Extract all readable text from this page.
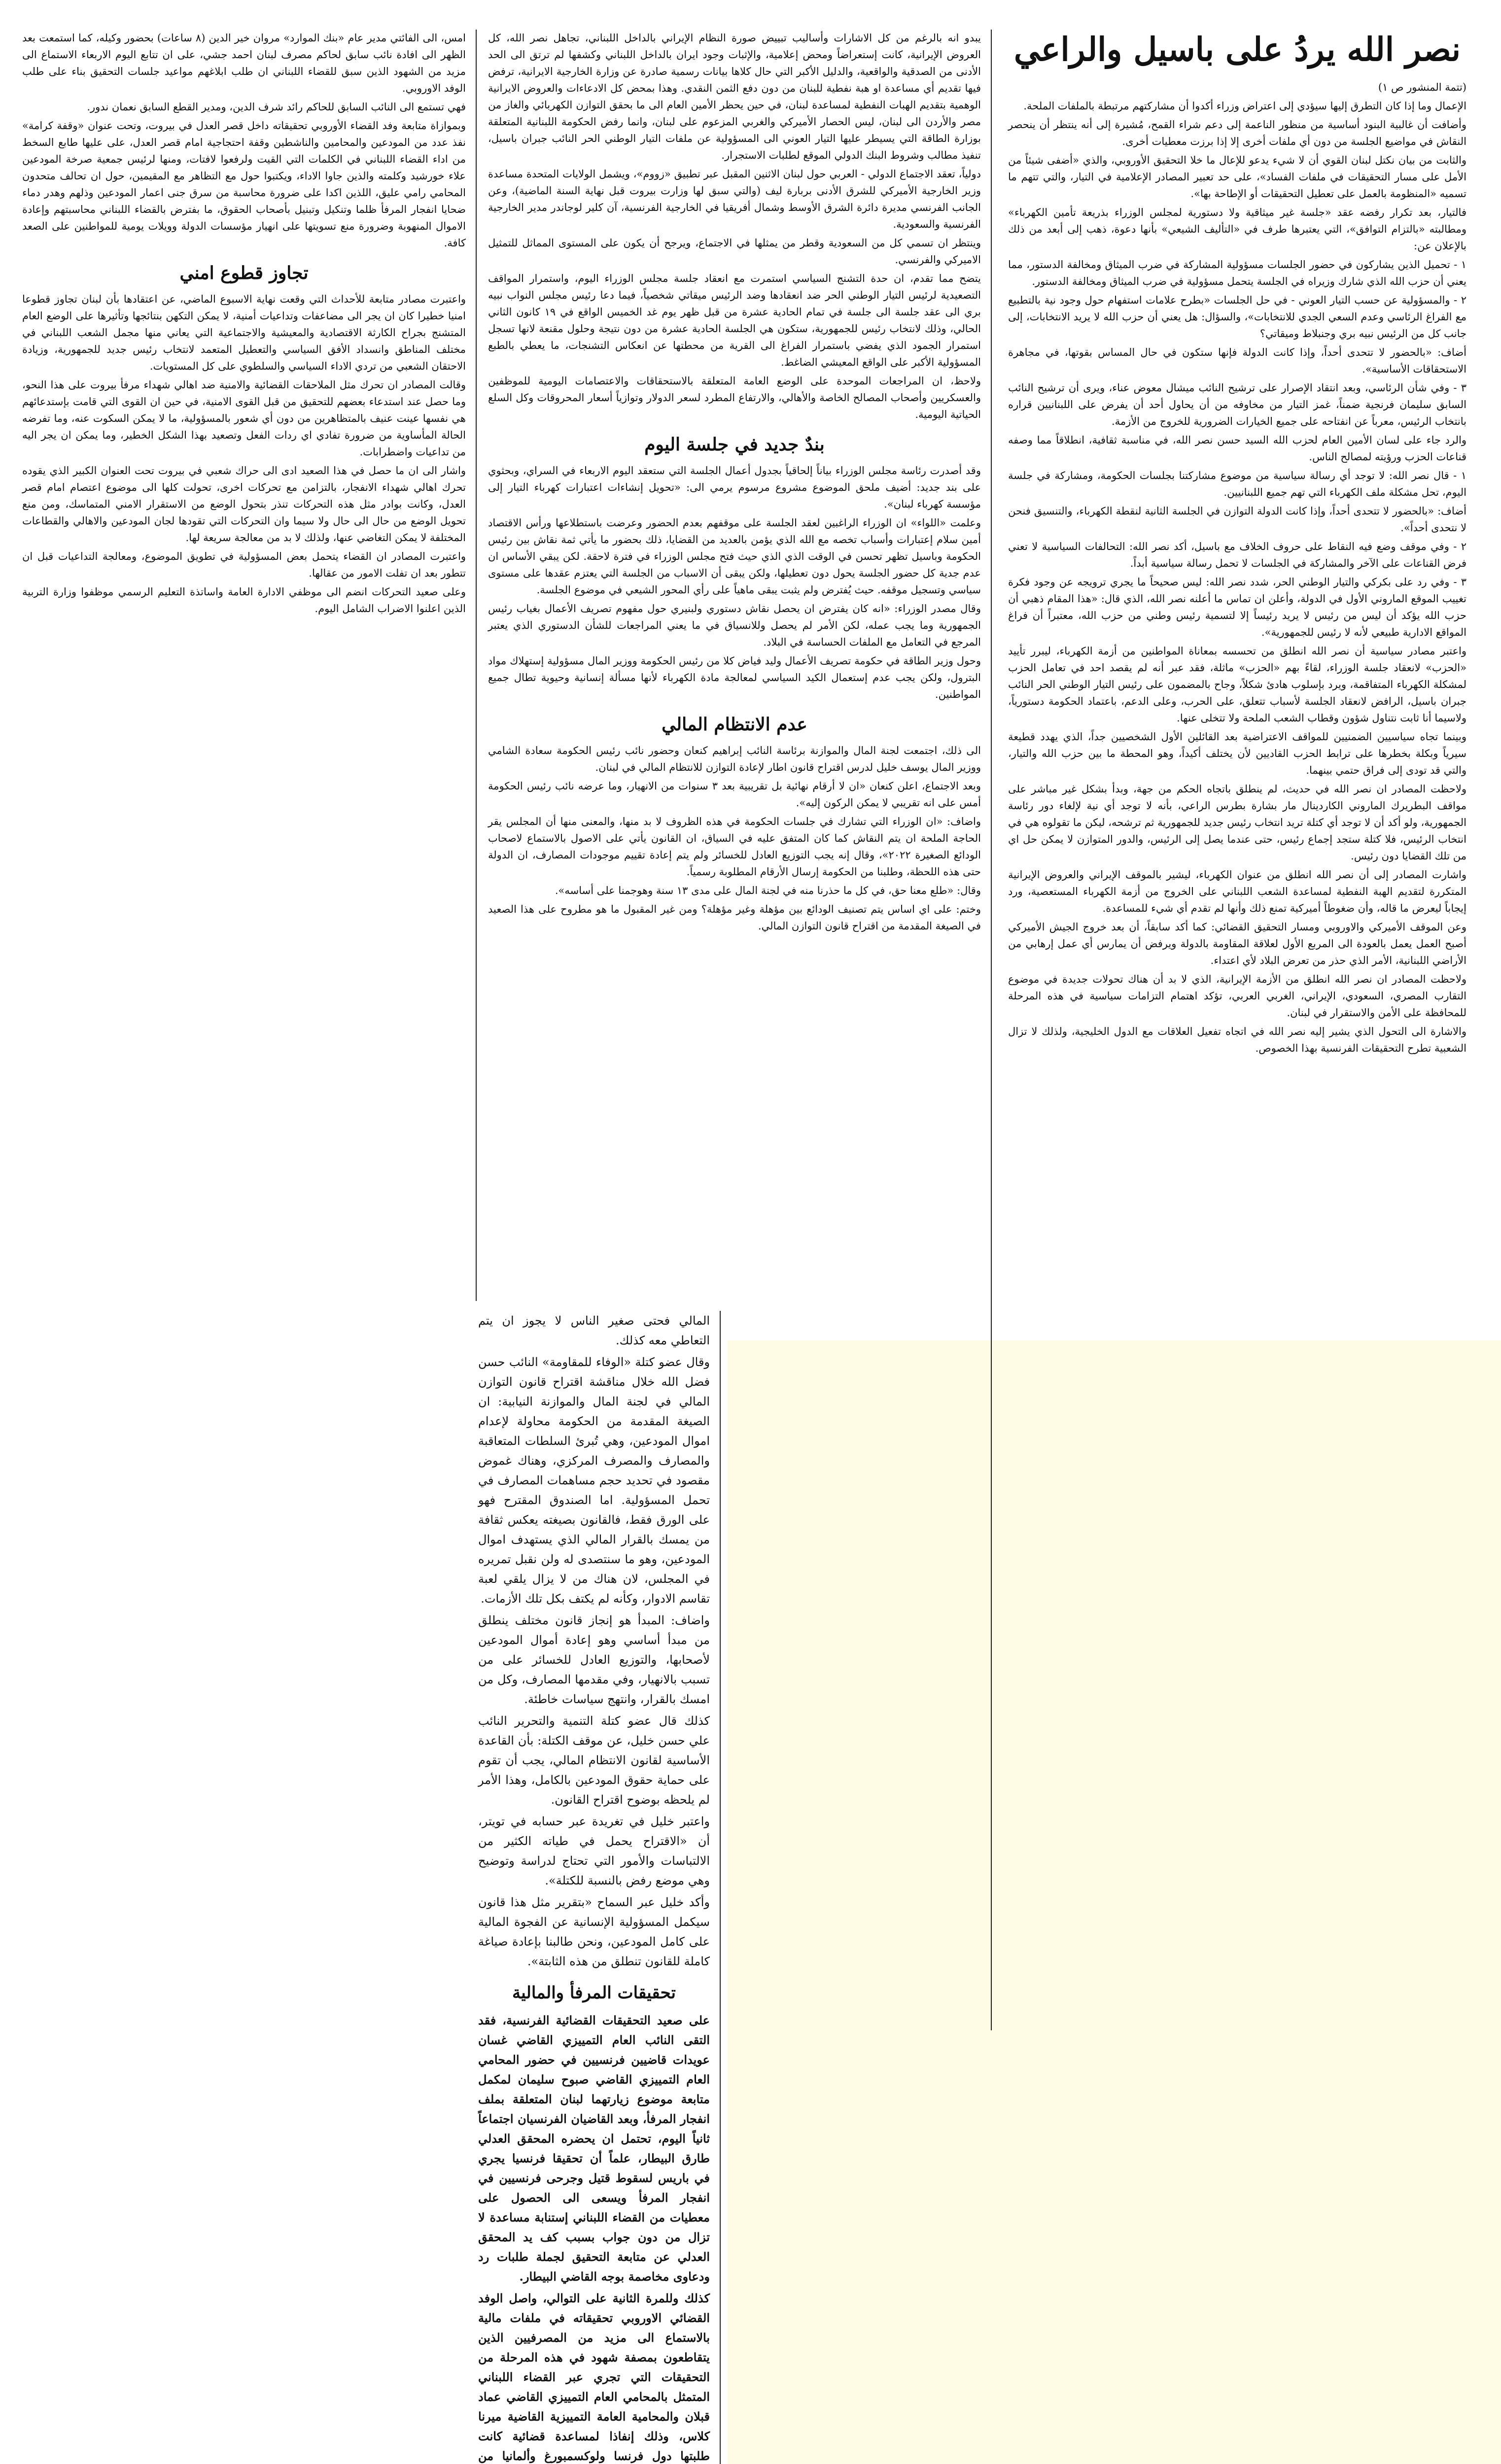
نصر الله يردُ على باسيل والراعي

(تتمة المنشور ص ١)

الإعمال وما إذا كان التطرق إليها سيؤدي إلى اعتراض وزراء أكدوا أن مشاركتهم مرتبطة بالملفات الملحة.

وأضافت أن غالبية البنود أساسية من منظور الناعمة إلى دعم شراء القمح، مُشيرة إلى أنه ينتظر أن ينحصر النقاش في مواضيع الجلسة من دون أي ملفات أخرى إلا إذا برزت معطيات أخرى.

والثابت من بيان نكتل لبنان القوي أن لا شيء يدعو للإعال ما خلا التحقيق الأوروبي، والذي «أضفى شيئاً من الأمل على مسار التحقيقات في ملفات الفساد»، على حد تعبير المصادر الإعلامية في التيار، والتي تتهم ما تسميه «المنظومة بالعمل على تعطيل التحقيقات أو الإطاحة بها».

فالتيار، بعد تكرار رفضه عقد «جلسة غير ميثاقية ولا دستورية لمجلس الوزراء بذريعة تأمين الكهرباء» ومطالبته «بالتزام التوافق»، التي يعتبرها طرف في «التأليف الشيعي» بأنها دعوة، ذهب إلى أبعد من ذلك بالإعلان عن:

١ - تحميل الذين يشاركون في حضور الجلسات مسؤولية المشاركة في ضرب الميثاق ومخالفة الدستور، مما يعني أن حزب الله الذي شارك وزيراه في الجلسة يتحمل مسؤولية في ضرب الميثاق ومخالفة الدستور.

٢ - والمسؤولية عن حسب التيار العوني - في حل الجلسات «بطرح علامات استفهام حول وجود نية بالتطبيع مع الفراغ الرئاسي وعدم السعي الجدي للانتخابات»، والسؤال: هل يعني أن حزب الله لا يريد الانتخابات، إلى جانب كل من الرئيس نبيه بري وجنبلاط وميقاتي؟

أضاف: «بالحضور لا تتحدى أحداً، وإذا كانت الدولة فإنها ستكون في حال المساس بقوتها، في مجاهرة الاستحقاقات الأساسية».

٣ - وفي شأن الرئاسي، وبعد انتقاد الإصرار على ترشيح النائب ميشال معوض عناء، ويرى أن ترشيح النائب السابق سليمان فرنجية ضمناً، غمز التيار من مخاوفه من أن يحاول أحد أن يفرض على اللبنانيين قراره بانتخاب الرئيس، معرباً عن انفتاحه على جميع الخيارات الضرورية للخروج من الأزمة.

والرد جاء على لسان الأمين العام لحزب الله السيد حسن نصر الله، في مناسبة ثقافية، انطلاقاً مما وصفه قناعات الحزب ورؤيته لمصالح الناس.

١ - قال نصر الله: لا توجد أي رسالة سياسية من موضوع مشاركتنا بجلسات الحكومة، ومشاركة في جلسة اليوم، تحل مشكلة ملف الكهرباء التي تهم جميع اللبنانيين.

أضاف: «بالحضور لا تتحدى أحداً، وإذا كانت الدولة التوازن في الجلسة الثانية لنقطة الكهرباء، والتنسيق فنحن لا نتحدى أحداً».

٢ - وفي موقف وضع فيه النقاط على حروف الخلاف مع باسيل، أكد نصر الله: التحالفات السياسية لا تعني فرض القناعات على الآخر والمشاركة في الجلسات لا تحمل رسالة سياسية أبداً.

٣ - وفي رد على بكركي والتيار الوطني الحر، شدد نصر الله: ليس صحيحاً ما يجري ترويجه عن وجود فكرة تغييب الموقع الماروني الأول في الدولة، وأعلن ان تماس ما أعلنه نصر الله، الذي قال: «هذا المقام ذهبي أن حزب الله يؤكد أن ليس من رئيس لا يريد رئيساً إلا لتسمية رئيس وطني من حزب الله، معتبراً أن فراغ المواقع الادارية طبيعي لأنه لا رئيس للجمهورية».

واعتبر مصادر سياسية أن نصر الله انطلق من تحسسه بمعاناة المواطنين من أزمة الكهرباء، ليبرر تأييد «الحزب» لانعقاد جلسة الوزراء، لقاءً بهم «الحزب» ماثلة، فقد عبر أنه لم يقصد احد في تعامل الحزب لمشكلة الكهرباء المتفاقمة، ويرد بإسلوب هادئ شكلاً، وجاح بالمضمون على رئيس التيار الوطني الحر النائب جبران باسيل، الرافض لانعقاد الجلسة لأسباب تتعلق، على الحرب، وعلى الدعم، باعتماد الحكومة دستورياً، ولاسيما أنا ثابت نتناول شؤون وقطاب الشعب الملحة ولا تتخلى عنها.

وبينما تجاه سياسيين الضمنيين للمواقف الاعتراضية بعد القائلين الأول الشخصيين جداً، الذي يهدد قطيعة سيرياً وبكلة بخطرها على ترابط الحزب القاديين لأن يختلف أكيداً، وهو المحطة ما بين حزب الله والتيار، والتي قد تودى إلى فراق حتمي بينهما.

ولاحظت المصادر ان نصر الله في حديث، لم ينطلق باتجاه الحكم من جهة، وبدأ بشكل غير مباشر على مواقف البطريرك الماروني الكاردينال مار بشارة بطرس الراعي، بأنه لا توجد أي نية لإلغاء دور رئاسة الجمهورية، ولو أكد أن لا توجد أي كتلة تريد انتخاب رئيس جديد للجمهورية ثم ترشحه، ليكن ما تقولوه هي في انتخاب الرئيس، فلا كتلة ستجد إجماع رئيس، حتى عندما يصل إلى الرئيس، والدور المتوازن لا يمكن حل اي من تلك القضايا دون رئيس.

واشارت المصادر إلى أن نصر الله انطلق من عنوان الكهرباء، ليشير بالموقف الإيراني والعروض الإيرانية المتكررة لتقديم الهبة النفطية لمساعدة الشعب اللبناني على الخروج من أزمة الكهرباء المستعصية، ورد إيجاباً ليعرض ما قاله، وأن ضغوطاً أميركية تمنع ذلك وأنها لم تقدم أي شيء للمساعدة.

وعن الموقف الأميركي والاوروبي ومسار التحقيق القضائي: كما أكد سابقاً، أن بعد خروج الجيش الأميركي أصبح العمل يعمل بالعودة الى المربع الأول لعلاقة المقاومة بالدولة ويرفض أن يمارس أي عمل إرهابي من الأراضي اللبنانية، الأمر الذي حذر من تعرض البلاد لأي اعتداء.

ولاحظت المصادر ان نصر الله انطلق من الأزمة الإيرانية، الذي لا بد أن هناك تحولات جديدة في موضوع التقارب المصري، السعودي، الإيراني، الغربي العربي، تؤكد اهتمام التزامات سياسية في هذه المرحلة للمحافظة على الأمن والاستقرار في لبنان.

والاشارة الى التحول الذي يشير إليه نصر الله في اتجاه تفعيل العلاقات مع الدول الخليجية، ولذلك لا تزال الشعبية تطرح التحقيقات الفرنسية بهذا الخصوص.

يبدو انه بالرغم من كل الاشارات وأساليب تبييض صورة النظام الإيراني بالداخل اللبناني، تجاهل نصر الله، كل العروض الإيرانية، كانت إستعراضاً ومحض إعلامية، والإثبات وجود ايران بالداخل اللبناني وكشفها لم ترتق الى الحد الأدنى من الصدقية والواقعية، والدليل الأكبر التي حال كلاها بيانات رسمية صادرة عن وزارة الخارجية الايرانية، ترفض فيها تقديم أي مساعدة او هبة نفطية للبنان من دون دفع الثمن النقدي. وهذا بمحض كل الادعاءات والعروض الايرانية الوهمية بتقديم الهبات النفطية لمساعدة لبنان، في حين يحظر الأمين العام الى ما بحقق التوازن الكهربائي والغاز من مصر والأردن الى لبنان، ليس الحصار الأميركي والغربي المزعوم على لبنان، وانما رفض الحكومة اللبنانية المتعلقة بوزارة الطاقة التي يسيطر عليها التيار العوني الى المسؤولية عن ملفات التيار الوطني الحر النائب جبران باسيل، تنفيذ مطالب وشروط البنك الدولي الموقع لطلبات الاستجرار.

دولياً، تعقد الاجتماع الدولي - العربي حول لبنان الاثنين المقبل عبر تطبيق «زووم»، ويشمل الولايات المتحدة مساعدة وزير الخارجية الأميركي للشرق الأدنى بربارة ليف (والتي سبق لها وزارت بيروت قبل نهاية السنة الماضية)، وعن الجانب الفرنسي مديرة دائرة الشرق الأوسط وشمال أفريقيا في الخارجية الفرنسية، آن كلير لوجاندر مدير الخارجية الفرنسية والسعودية.

وينتظر ان تسمي كل من السعودية وقطر من يمثلها في الاجتماع، ويرجح أن يكون على المستوى المماثل للتمثيل الاميركي والفرنسي.

يتضح مما تقدم، ان حدة التشنج السياسي استمرت مع انعقاد جلسة مجلس الوزراء اليوم، واستمرار المواقف التصعيدية لرئيس التيار الوطني الحر ضد انعقادها وضد الرئيس ميقاتي شخصياً، فيما دعا رئيس مجلس النواب نبيه بري الى عقد جلسة الى جلسة في تمام الحادية عشرة من قبل ظهر يوم غد الخميس الواقع في ١٩ كانون الثاني الحالي، وذلك لانتخاب رئيس للجمهورية، ستكون هي الجلسة الحادية عشرة من دون نتيجة وحلول مقنعة لانها تسجل استمرار الجمود الذي يفضي باستمرار الفراغ الى القرية من محطتها عن انعكاس التشنجات، ما يعطي بالطبع المسؤولية الأكبر على الواقع المعيشي الضاغط.

ولاحظ، ان المراجعات الموحدة على الوضع العامة المتعلقة بالاستحقاقات والاعتصامات اليومية للموظفين والعسكريين وأصحاب المصالح الخاصة والأهالي، والارتفاع المطرد لسعر الدولار وتوازياً أسعار المحروقات وكل السلع الحياتية اليومية.

بندٌ جديد في جلسة اليوم

وقد أصدرت رئاسة مجلس الوزراء بياناً إلحاقياً بجدول أعمال الجلسة التي ستعقد اليوم الاربعاء في السراي، وبحثوي على بند جديد: أضيف ملحق الموضوع مشروع مرسوم يرمي الى: «تحويل إنشاءات اعتبارات كهرباء التيار إلى مؤسسة كهرباء لبنان».

وعلمت «اللواء» ان الوزراء الراغبين لعقد الجلسة على موقفهم بعدم الحضور وعرضت باستطلاعها ورأس الاقتصاد أمين سلام إعتبارات وأسباب تخصه مع الله الذي يؤمن بالعديد من القضايا، ذلك بحضور ما يأتي ثمة نقاش بين رئيس الحكومة وباسيل تظهر تحسن في الوقت الذي الذي حيث فتح مجلس الوزراء في فترة لاحقة. لكن يبقي الأساس ان عدم جدية كل حضور الجلسة يحول دون تعطيلها، ولكن يبقى أن الاسباب من الجلسة التي يعتزم عقدها على مستوى سياسي وتسجيل موقفه. حيث يُفترض ولم يثبت يبقى ماهياً على رأي المحور الشيعي في موضوع الجلسة.

وقال مصدر الوزراء: «انه كان يفترض ان يحصل نقاش دستوري ولبنيري حول مفهوم تصريف الأعمال بغياب رئيس الجمهورية وما يجب عمله، لكن الأمر لم يحصل وللانسياق في ما يعني المراجعات للشأن الدستوري الذي يعتبر المرجع في التعامل مع الملفات الحساسة في البلاد.

وحول وزير الطاقة في حكومة تصريف الأعمال وليد فياض كلا من رئيس الحكومة ووزير المال مسؤولية إستهلاك مواد البترول، ولكن يجب عدم إستعمال الكيد السياسي لمعالجة مادة الكهرباء لأنها مسألة إنسانية وحيوية تطال جميع المواطنين.

عدم الانتظام المالي

الى ذلك، اجتمعت لجنة المال والموازنة برئاسة النائب إبراهيم كنعان وحضور نائب رئيس الحكومة سعادة الشامي ووزير المال يوسف خليل لدرس اقتراح قانون اطار لإعادة التوازن للانتظام المالي في لبنان.

وبعد الاجتماع، اعلن كنعان «ان لا أرقام نهائية بل تقريبية بعد ٣ سنوات من الانهيار، وما عرضه نائب رئيس الحكومة أمس على انه تقريبي لا يمكن الركون إليه».

واضاف: «ان الوزراء التي تشارك في جلسات الحكومة في هذه الظروف لا بد منها، والمعنى منها أن المجلس يقر الحاجة الملحة ان يتم النقاش كما كان المتفق عليه في السياق، ان القانون يأتي على الاصول بالاستماع لاصحاب الودائع الصغيرة ٢٠٢٢»، وقال إنه يجب التوزيع العادل للخسائر ولم يتم إعادة تقييم موجودات المصارف، ان الدولة حتى هذه اللحظة، وطلبنا من الحكومة إرسال الأرقام المطلوبة رسمياً.

وقال: «طلع معنا حق، في كل ما حذرنا منه في لجنة المال على مدى ١٣ سنة وهوجمنا على أساسه».

وختم: على اي اساس يتم تصنيف الودائع بين مؤهلة وغير مؤهلة؟ ومن غير المقبول ما هو مطروح على هذا الصعيد في الصيغة المقدمة من اقتراح قانون التوازن المالي.

المالي فحتى صغير الناس لا يجوز ان يتم التعاطي معه كذلك.

وقال عضو كتلة «الوفاء للمقاومة» النائب حسن فضل الله خلال مناقشة اقتراح قانون التوازن المالي في لجنة المال والموازنة النيابية: ان الصيغة المقدمة من الحكومة محاولة لإعدام اموال المودعين، وهي تُبرئ السلطات المتعاقبة والمصارف والمصرف المركزي، وهناك غموض مقصود في تحديد حجم مساهمات المصارف في تحمل المسؤولية. اما الصندوق المقترح فهو على الورق فقط، فالقانون بصيغته يعكس ثقافة من يمسك بالقرار المالي الذي يستهدف اموال المودعين، وهو ما سنتصدى له ولن نقبل تمريره في المجلس، لان هناك من لا يزال يلقي لعبة تقاسم الادوار، وكأنه لم يكتف بكل تلك الأزمات.

واضاف: المبدأ هو إنجاز قانون مختلف ينطلق من مبدأ أساسي وهو إعادة أموال المودعين لأصحابها، والتوزيع العادل للخسائر على من تسبب بالانهيار، وفي مقدمها المصارف، وكل من امسك بالقرار، وانتهج سياسات خاطئة.

كذلك قال عضو كتلة التنمية والتحرير النائب علي حسن خليل، عن موقف الكتلة: بأن القاعدة الأساسية لقانون الانتظام المالي، يجب أن تقوم على حماية حقوق المودعين بالكامل، وهذا الأمر لم يلحظه بوضوح اقتراح القانون.

واعتبر خليل في تغريدة عبر حسابه في تويتر، أن «الاقتراح يحمل في طياته الكثير من الالتباسات والأمور التي تحتاج لدراسة وتوضيح وهي موضع رفض بالنسبة للكتلة».

وأكد خليل عبر السماح «بتقرير مثل هذا قانون سيكمل المسؤولية الإنسانية عن الفجوة المالية على كامل المودعين، ونحن طالبنا بإعادة صياغة كاملة للقانون تنطلق من هذه الثابتة».

تحقيقات المرفأ والمالية

على صعيد التحقيقات القضائية الفرنسية، فقد التقى النائب العام التمييزي القاضي غسان عويدات قاضيين فرنسيين في حضور المحامي العام التمييزي القاضي صبوح سليمان لمكمل متابعة موضوع زيارتهما لبنان المتعلقة بملف انفجار المرفأ، وبعد القاضيان الفرنسيان اجتماعاً ثانياً اليوم، تحتمل ان يحضره المحقق العدلي طارق البيطار، علماً أن تحقيقا فرنسيا يجري في باريس لسقوط قتيل وجرحى فرنسيين في انفجار المرفأ ويسعى الى الحصول على معطيات من القضاء اللبناني إستنابة مساعدة لا تزال من دون جواب بسبب كف يد المحقق العدلي عن متابعة التحقيق لجملة طلبات رد ودعاوى مخاصمة بوجه القاضي البيطار.

كذلك وللمرة الثانية على التوالي، واصل الوفد القضائي الاوروبي تحقيقاته في ملفات مالية بالاستماع الى مزيد من المصرفيين الذين يتقاطعون بمصفة شهود في هذه المرحلة من التحقيقات التي تجري عبر القضاء اللبناني المتمثل بالمحامي العام التمييزي القاضي عماد قبلان والمحامية العامة التمييزية القاضية ميرنا كلاس، وذلك إنفاذا لمساعدة قضائية كانت طلبتها دول فرنسا ولوكسمبورغ وألمانيا من

امس، الى الفائتي مدير عام «بنك الموارد» مروان خير الدين (٨ ساعات) بحضور وكيله، كما استمعت بعد الظهر الى افادة نائب سابق لحاكم مصرف لبنان احمد جشي، على ان تتابع اليوم الاربعاء الاستماع الى مزيد من الشهود الذين سبق للقضاء اللبناني ان طلب ابلاغهم مواعيد جلسات التحقيق بناء على طلب الوفد الاوروبي.

فهي تستمع الى النائب السابق للحاكم رائد شرف الدين، ومدير القطع السابق نعمان ندور.

وبموازاة متابعة وفد القضاء الأوروبي تحقيقاته داخل قصر العدل في بيروت، وتحت عنوان «وقفة كرامة» نفذ عدد من المودعين والمحامين والناشطين وقفة احتجاجية امام قصر العدل، على عليها طابع السخط من اداء القضاء اللبناني في الكلمات التي القيت ولرفعوا لافتات، ومنها لرئيس جمعية صرخة المودعين علاء خورشيد وكلمته والذين جاوا الاداء، ويكتبوا حول مع التظاهر مع المقيمين، حول ان تحالف متحدون المحامي رامي عليق، اللذين اكدا على ضرورة محاسبة من سرق جنى اعمار المودعين وذلهم وهدر دماء ضحايا انفجار المرفأ ظلما وتنكيل وتبنيل بأصحاب الحقوق، ما بفترض بالقضاء اللبناني محاسبتهم وإعادة الاموال المنهوبة وضرورة منع تسويتها على انهيار مؤسسات الدولة وويلات يومية للمواطنين على الصعد كافة.

تجاوز قطوع امني

واعتبرت مصادر متابعة للأحداث التي وقعت نهاية الاسبوع الماضي، عن اعتقادها بأن لبنان تجاوز قطوعا امنيا خطيرا كان ان يجر الى مضاعفات وتداعيات أمنية، لا يمكن التكهن بنتائجها وتأثيرها على الوضع العام المتشنج بجراح الكارثة الاقتصادية والمعيشية والاجتماعية التي يعاني منها مجمل الشعب اللبناني في مختلف المناطق وانسداد الأفق السياسي والتعطيل المتعمد لانتخاب رئيس جديد للجمهورية، وزيادة الاحتقان الشعبي من تردي الاداء السياسي والسلطوي على كل المستويات.

وقالت المصادر ان تحرك مثل الملاحقات القضائية والامنية ضد اهالي شهداء مرفأ بيروت على هذا النحو، وما حصل عند استدعاء بعضهم للتحقيق من قبل القوى الامنية، في حين ان القوى التي قامت بإستدعائهم هي نفسها عينت عنيف بالمتظاهرين من دون أي شعور بالمسؤولية، ما لا يمكن السكوت عنه، وما تفرضه الحالة المأساوية من ضرورة تفادي اي ردات الفعل وتصعيد بهذا الشكل الخطير، وما يمكن ان يجر اليه من تداعيات واضطرابات.

واشار الى ان ما حصل في هذا الصعيد ادى الى حراك شعبي في بيروت تحت العنوان الكبير الذي يقوده تحرك اهالي شهداء الانفجار، بالتزامن مع تحركات اخرى، تحولت كلها الى موضوع اعتصام امام قصر العدل، وكانت بوادر مثل هذه التحركات تنذر بتحول الوضع من الاستقرار الامني المتماسك، ومن منع تحويل الوضع من حال الى حال ولا سيما وان التحركات التي تقودها لجان المودعين والاهالي والقطاعات المختلفة لا يمكن التغاضي عنها، ولذلك لا بد من معالجة سريعة لها.

واعتبرت المصادر ان القضاء يتحمل بعض المسؤولية في تطويق الموضوع، ومعالجة التداعيات قبل ان تتطور بعد ان تفلت الامور من عقالها.

وعلى صعيد التحركات انضم الى موظفي الادارة العامة واساتذة التعليم الرسمي موظفوا وزارة التربية الذين اعلنوا الاضراب الشامل اليوم.
